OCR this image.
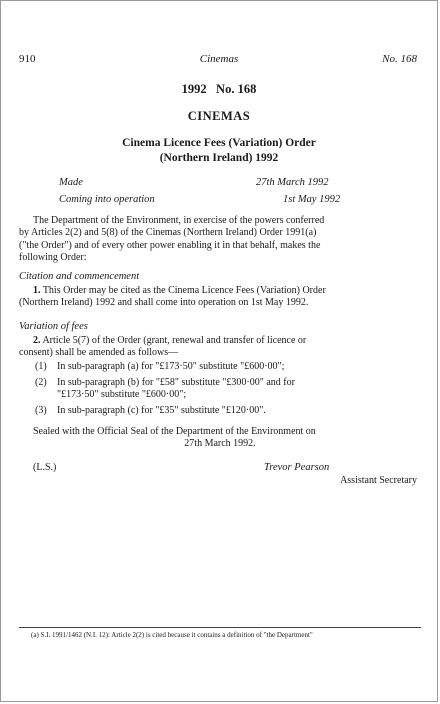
910	Cinemas	No. 168
1992   No. 168
CINEMAS
Cinema Licence Fees (Variation) Order
(Northern Ireland) 1992
Made	27th March 1992
Coming into operation	1st May 1992
The Department of the Environment, in exercise of the powers conferred
by Articles 2(2) and 5(8) of the Cinemas (Northern Ireland) Order 1991(a)
("the Order") and of every other power enabling it in that behalf, makes the
following Order:
Citation and commencement
1. This Order may be cited as the Cinema Licence Fees (Variation) Order
(Northern Ireland) 1992 and shall come into operation on 1st May 1992.
Variation of fees
2. Article 5(7) of the Order (grant, renewal and transfer of licence or
consent) shall be amended as follows—
(1) In sub-paragraph (a) for "£173·50" substitute "£600·00";
(2) In sub-paragraph (b) for "£58" substitute "£300·00" and for
"£173·50" substitute "£600·00";
(3) In sub-paragraph (c) for "£35" substitute "£120·00".
Sealed with the Official Seal of the Department of the Environment on
27th March 1992.
(L.S.)	Trevor Pearson
Assistant Secretary
(a) S.I. 1991/1462 (N.I. 12): Article 2(2) is cited because it contains a definition of "the Department"
